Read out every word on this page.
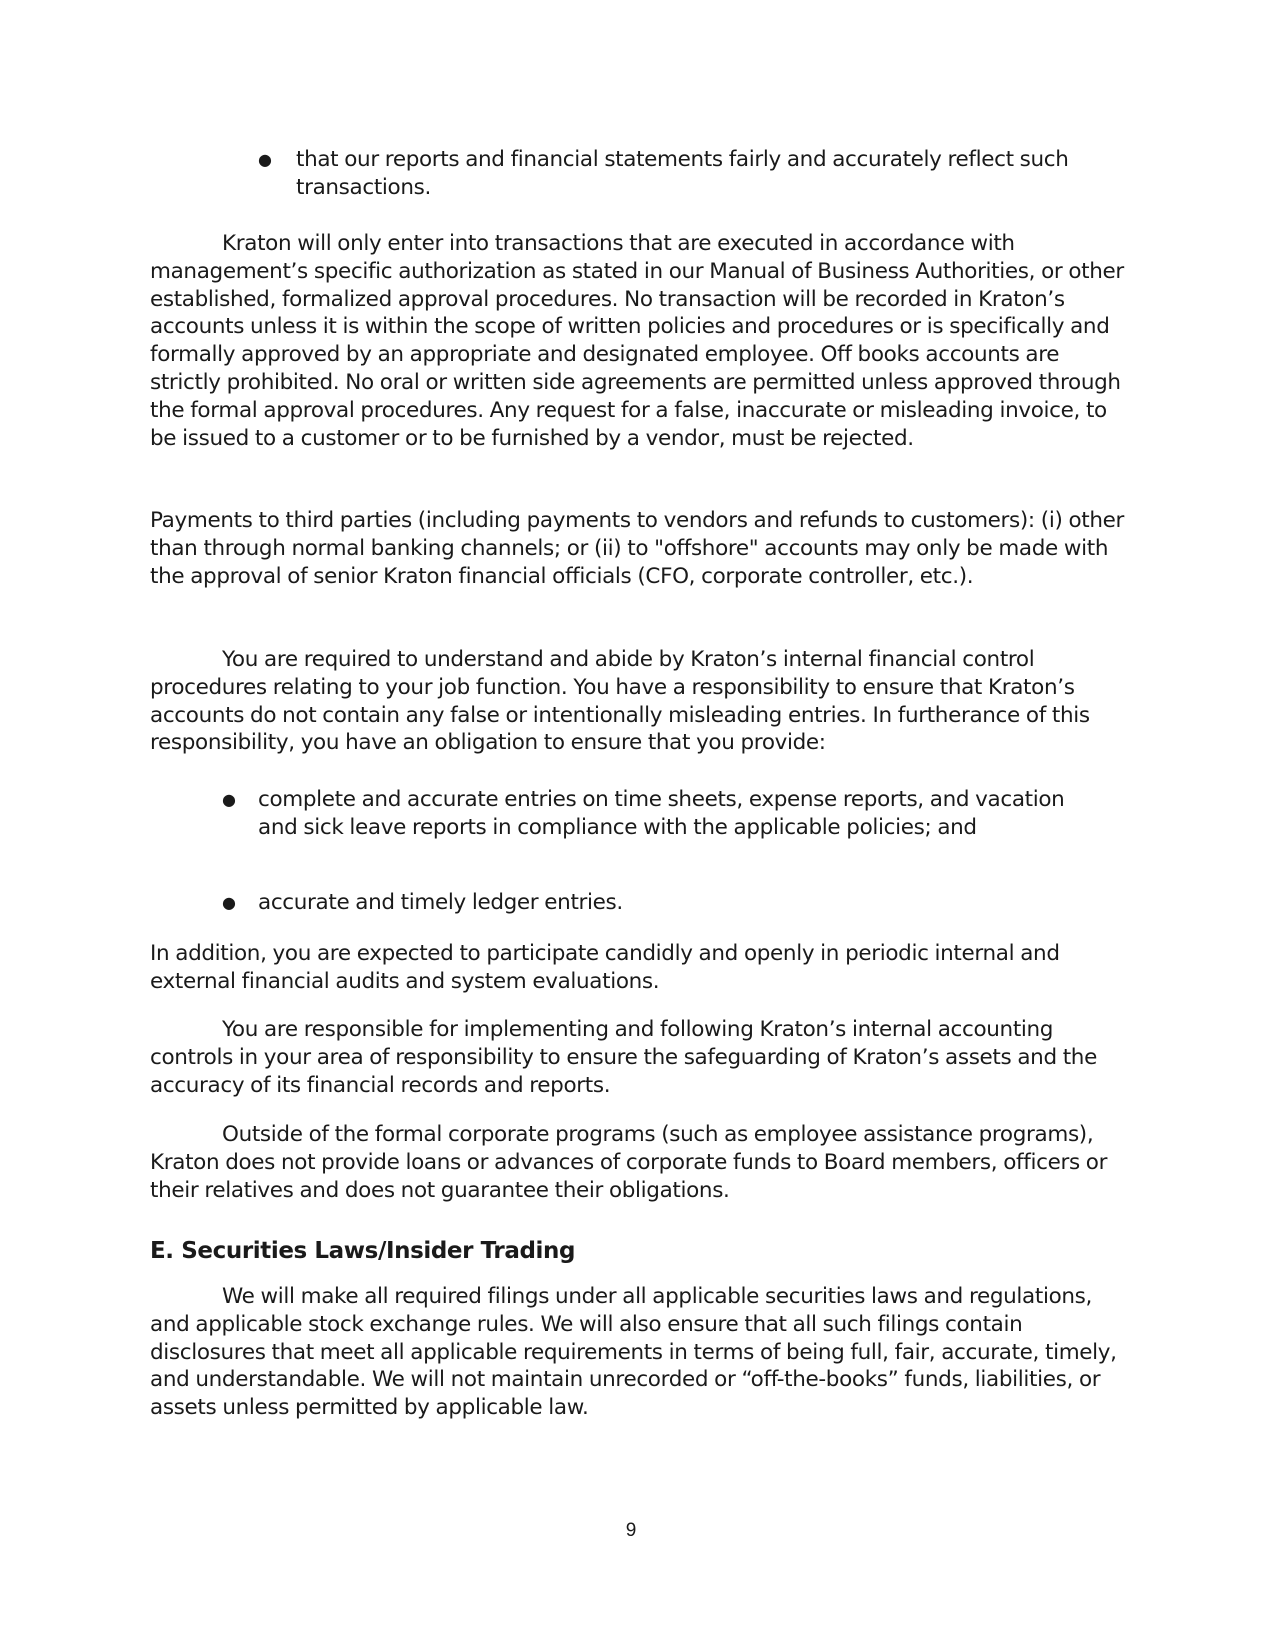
● that our reports and financial statements fairly and accurately reflect such transactions.

Kraton will only enter into transactions that are executed in accordance with management’s specific authorization as stated in our Manual of Business Authorities, or other established, formalized approval procedures. No transaction will be recorded in Kraton’s accounts unless it is within the scope of written policies and procedures or is specifically and formally approved by an appropriate and designated employee. Off books accounts are strictly prohibited. No oral or written side agreements are permitted unless approved through the formal approval procedures. Any request for a false, inaccurate or misleading invoice, to be issued to a customer or to be furnished by a vendor, must be rejected.

Payments to third parties (including payments to vendors and refunds to customers): (i) other than through normal banking channels; or (ii) to "offshore" accounts may only be made with the approval of senior Kraton financial officials (CFO, corporate controller, etc.).

You are required to understand and abide by Kraton’s internal financial control procedures relating to your job function. You have a responsibility to ensure that Kraton’s accounts do not contain any false or intentionally misleading entries. In furtherance of this responsibility, you have an obligation to ensure that you provide:

● complete and accurate entries on time sheets, expense reports, and vacation and sick leave reports in compliance with the applicable policies; and

● accurate and timely ledger entries.

In addition, you are expected to participate candidly and openly in periodic internal and external financial audits and system evaluations.

You are responsible for implementing and following Kraton’s internal accounting controls in your area of responsibility to ensure the safeguarding of Kraton’s assets and the accuracy of its financial records and reports.

Outside of the formal corporate programs (such as employee assistance programs), Kraton does not provide loans or advances of corporate funds to Board members, officers or their relatives and does not guarantee their obligations.

E. Securities Laws/Insider Trading

We will make all required filings under all applicable securities laws and regulations, and applicable stock exchange rules. We will also ensure that all such filings contain disclosures that meet all applicable requirements in terms of being full, fair, accurate, timely, and understandable. We will not maintain unrecorded or “off-the-books” funds, liabilities, or assets unless permitted by applicable law.

9
